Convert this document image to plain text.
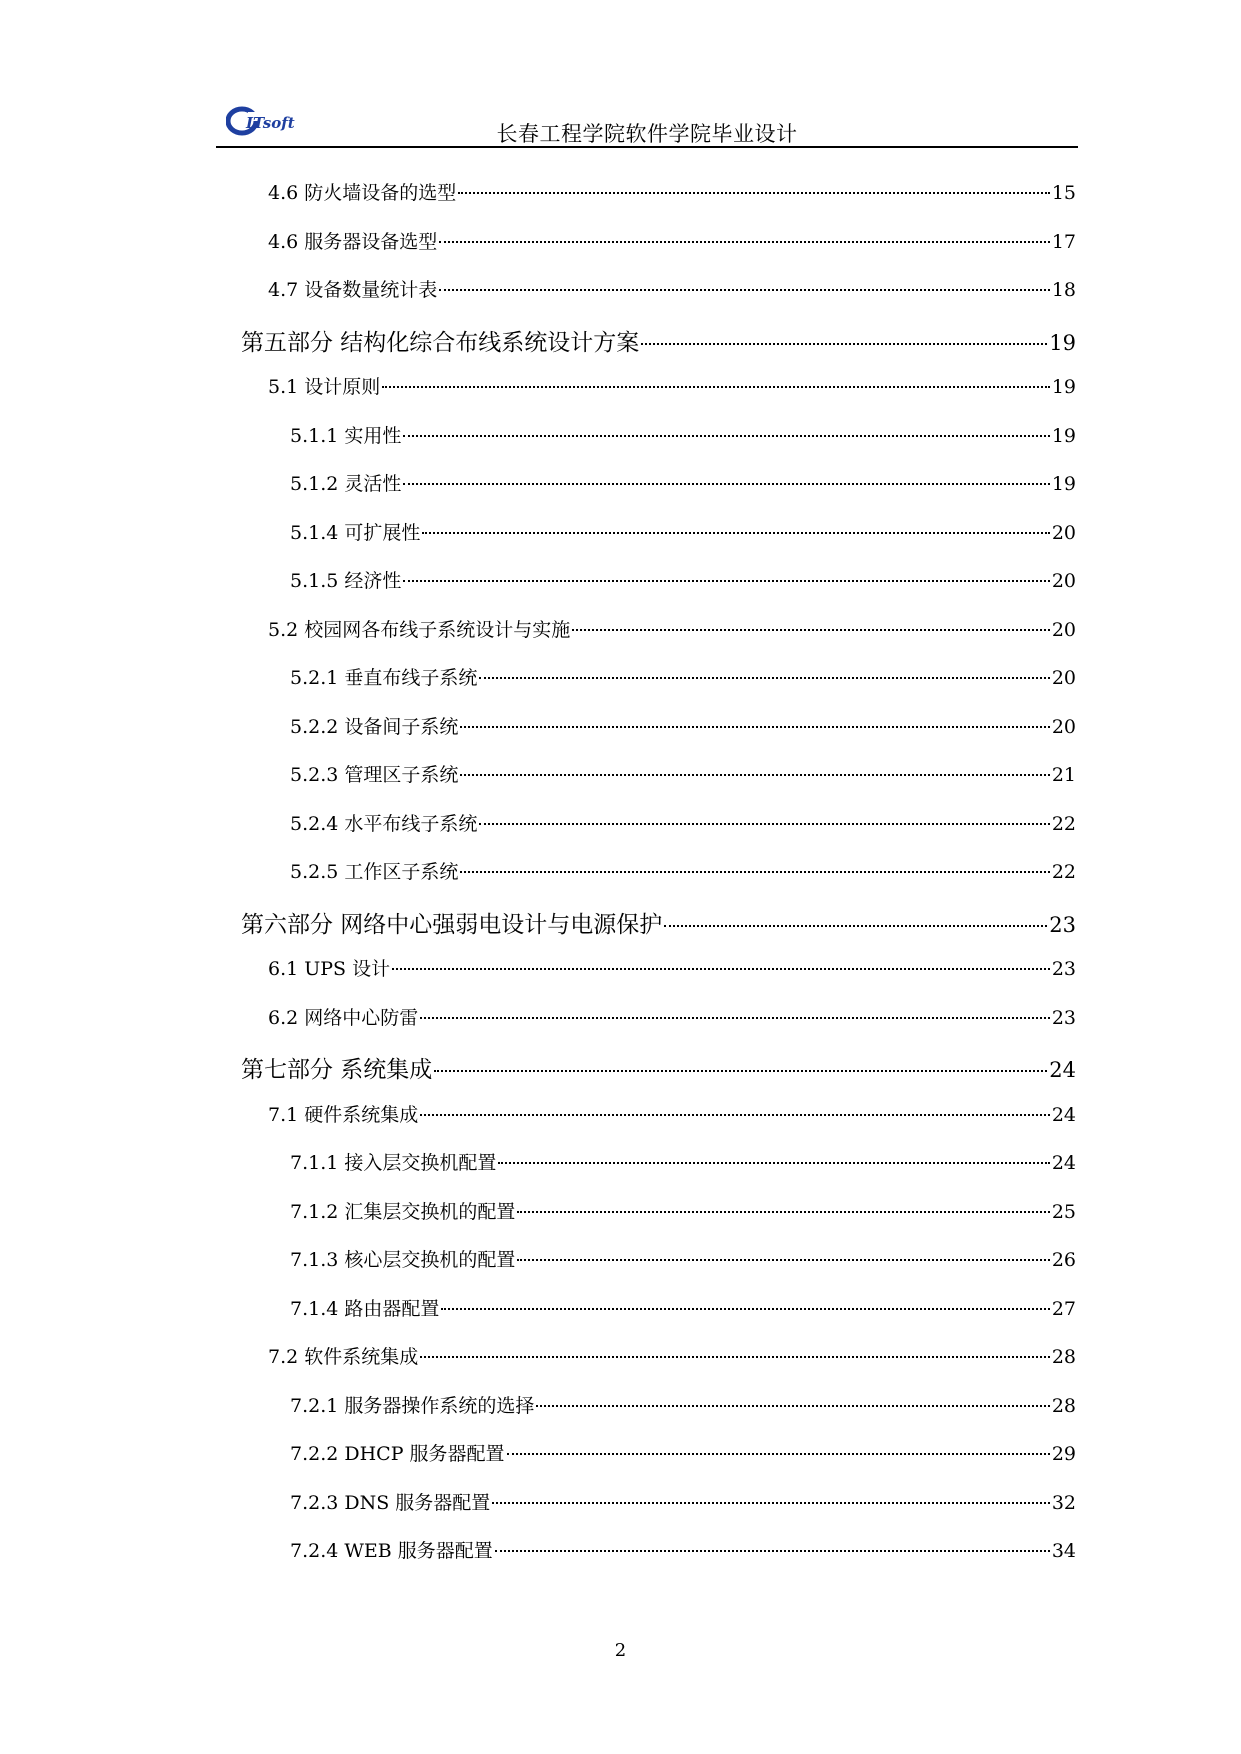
ITsoft	长春工程学院软件学院毕业设计
4.6 防火墙设备的选型	15
4.6 服务器设备选型	17
4.7 设备数量统计表	18
第五部分 结构化综合布线系统设计方案	19
5.1 设计原则	19
5.1.1 实用性	19
5.1.2 灵活性	19
5.1.4 可扩展性	20
5.1.5 经济性	20
5.2 校园网各布线子系统设计与实施	20
5.2.1 垂直布线子系统	20
5.2.2 设备间子系统	20
5.2.3 管理区子系统	21
5.2.4 水平布线子系统	22
5.2.5 工作区子系统	22
第六部分 网络中心强弱电设计与电源保护	23
6.1 UPS 设计	23
6.2 网络中心防雷	23
第七部分 系统集成	24
7.1 硬件系统集成	24
7.1.1 接入层交换机配置	24
7.1.2 汇集层交换机的配置	25
7.1.3 核心层交换机的配置	26
7.1.4 路由器配置	27
7.2 软件系统集成	28
7.2.1 服务器操作系统的选择	28
7.2.2 DHCP 服务器配置	29
7.2.3 DNS 服务器配置	32
7.2.4 WEB 服务器配置	34
2
